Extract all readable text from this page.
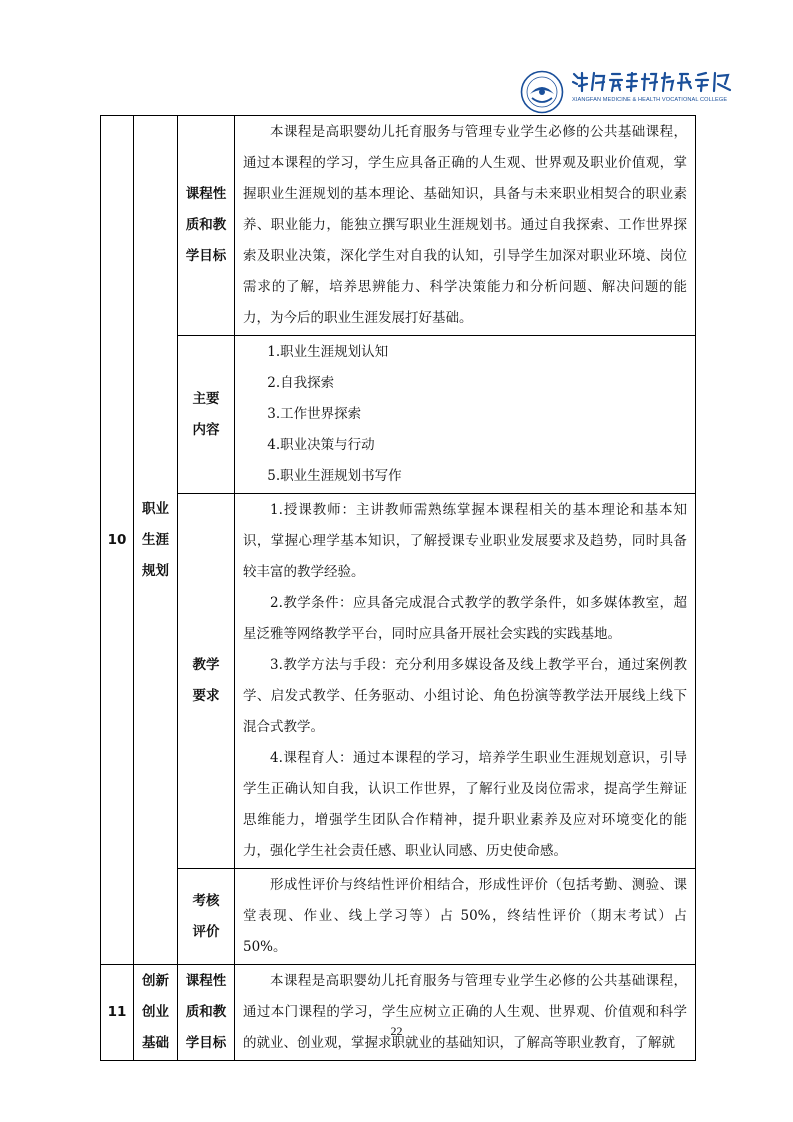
XIANGFAN MEDICINE & HEALTH VOCATIONAL COLLEGE
10	职业生涯规划	课程性质和教学目标	本课程是高职婴幼儿托育服务与管理专业学生必修的公共基础课程，通过本课程的学习，学生应具备正确的人生观、世界观及职业价值观，掌握职业生涯规划的基本理论、基础知识，具备与未来职业相契合的职业素养、职业能力，能独立撰写职业生涯规划书。通过自我探索、工作世界探索及职业决策，深化学生对自我的认知，引导学生加深对职业环境、岗位需求的了解，培养思辨能力、科学决策能力和分析问题、解决问题的能力，为今后的职业生涯发展打好基础。

		主要内容	1.职业生涯规划认知
2.自我探索
3.工作世界探索
4.职业决策与行动
5.职业生涯规划书写作

		教学要求	1.授课教师：主讲教师需熟练掌握本课程相关的基本理论和基本知识，掌握心理学基本知识，了解授课专业职业发展要求及趋势，同时具备较丰富的教学经验。

2.教学条件：应具备完成混合式教学的教学条件，如多媒体教室，超星泛雅等网络教学平台，同时应具备开展社会实践的实践基地。

3.教学方法与手段：充分利用多媒设备及线上教学平台，通过案例教学、启发式教学、任务驱动、小组讨论、角色扮演等教学法开展线上线下混合式教学。

4.课程育人：通过本课程的学习，培养学生职业生涯规划意识，引导学生正确认知自我，认识工作世界，了解行业及岗位需求，提高学生辩证思维能力，增强学生团队合作精神，提升职业素养及应对环境变化的能力，强化学生社会责任感、职业认同感、历史使命感。

		考核评价	形成性评价与终结性评价相结合，形成性评价（包括考勤、测验、课堂表现、作业、线上学习等）占 50%，终结性评价（期末考试）占 50%。

11	创新创业基础	课程性质和教学目标	本课程是高职婴幼儿托育服务与管理专业学生必修的公共基础课程，通过本门课程的学习，学生应树立正确的人生观、世界观、价值观和科学的就业、创业观，掌握求职就业的基础知识，了解高等职业教育，了解就

22
